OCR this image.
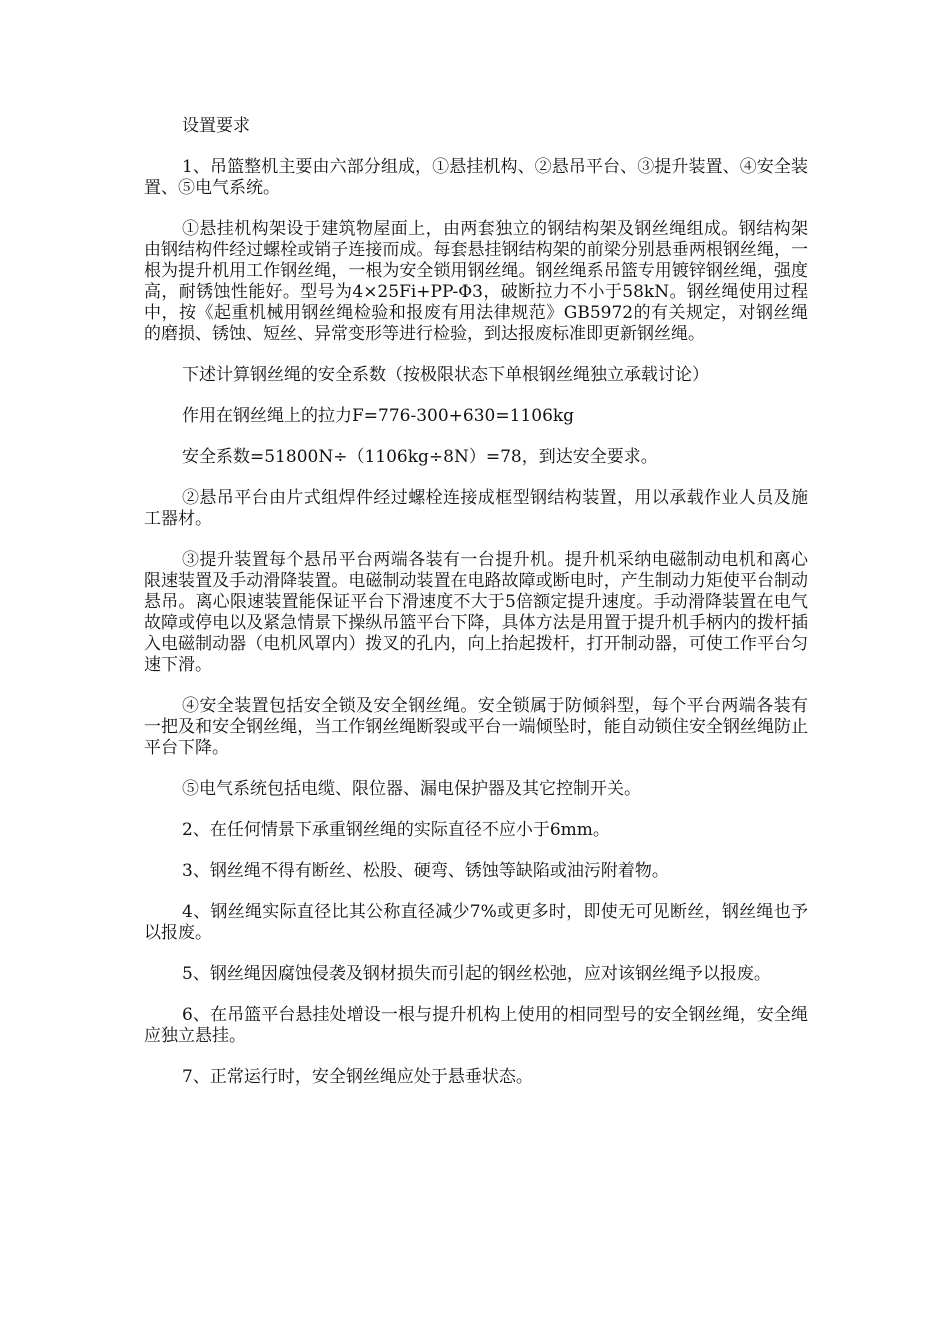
设置要求

1、吊篮整机主要由六部分组成，①悬挂机构、②悬吊平台、③提升装置、④安全装置、⑤电气系统。

①悬挂机构架设于建筑物屋面上，由两套独立的钢结构架及钢丝绳组成。钢结构架由钢结构件经过螺栓或销子连接而成。每套悬挂钢结构架的前梁分别悬垂两根钢丝绳，一根为提升机用工作钢丝绳，一根为安全锁用钢丝绳。钢丝绳系吊篮专用镀锌钢丝绳，强度高，耐锈蚀性能好。型号为4×25Fi+PP-Φ3，破断拉力不小于58kN。钢丝绳使用过程中，按《起重机械用钢丝绳检验和报废有用法律规范》GB5972的有关规定，对钢丝绳的磨损、锈蚀、短丝、异常变形等进行检验，到达报废标准即更新钢丝绳。

下述计算钢丝绳的安全系数（按极限状态下单根钢丝绳独立承载讨论）

作用在钢丝绳上的拉力F=776-300+630=1106kg

安全系数=51800N÷（1106kg÷8N）=78，到达安全要求。

②悬吊平台由片式组焊件经过螺栓连接成框型钢结构装置，用以承载作业人员及施工器材。

③提升装置每个悬吊平台两端各装有一台提升机。提升机采纳电磁制动电机和离心限速装置及手动滑降装置。电磁制动装置在电路故障或断电时，产生制动力矩使平台制动悬吊。离心限速装置能保证平台下滑速度不大于5倍额定提升速度。手动滑降装置在电气故障或停电以及紧急情景下操纵吊篮平台下降，具体方法是用置于提升机手柄内的拨杆插入电磁制动器（电机风罩内）拨叉的孔内，向上抬起拨杆，打开制动器，可使工作平台匀速下滑。

④安全装置包括安全锁及安全钢丝绳。安全锁属于防倾斜型，每个平台两端各装有一把及和安全钢丝绳，当工作钢丝绳断裂或平台一端倾坠时，能自动锁住安全钢丝绳防止平台下降。

⑤电气系统包括电缆、限位器、漏电保护器及其它控制开关。

2、在任何情景下承重钢丝绳的实际直径不应小于6mm。

3、钢丝绳不得有断丝、松股、硬弯、锈蚀等缺陷或油污附着物。

4、钢丝绳实际直径比其公称直径减少7%或更多时，即使无可见断丝，钢丝绳也予以报废。

5、钢丝绳因腐蚀侵袭及钢材损失而引起的钢丝松弛，应对该钢丝绳予以报废。

6、在吊篮平台悬挂处增设一根与提升机构上使用的相同型号的安全钢丝绳，安全绳应独立悬挂。

7、正常运行时，安全钢丝绳应处于悬垂状态。
